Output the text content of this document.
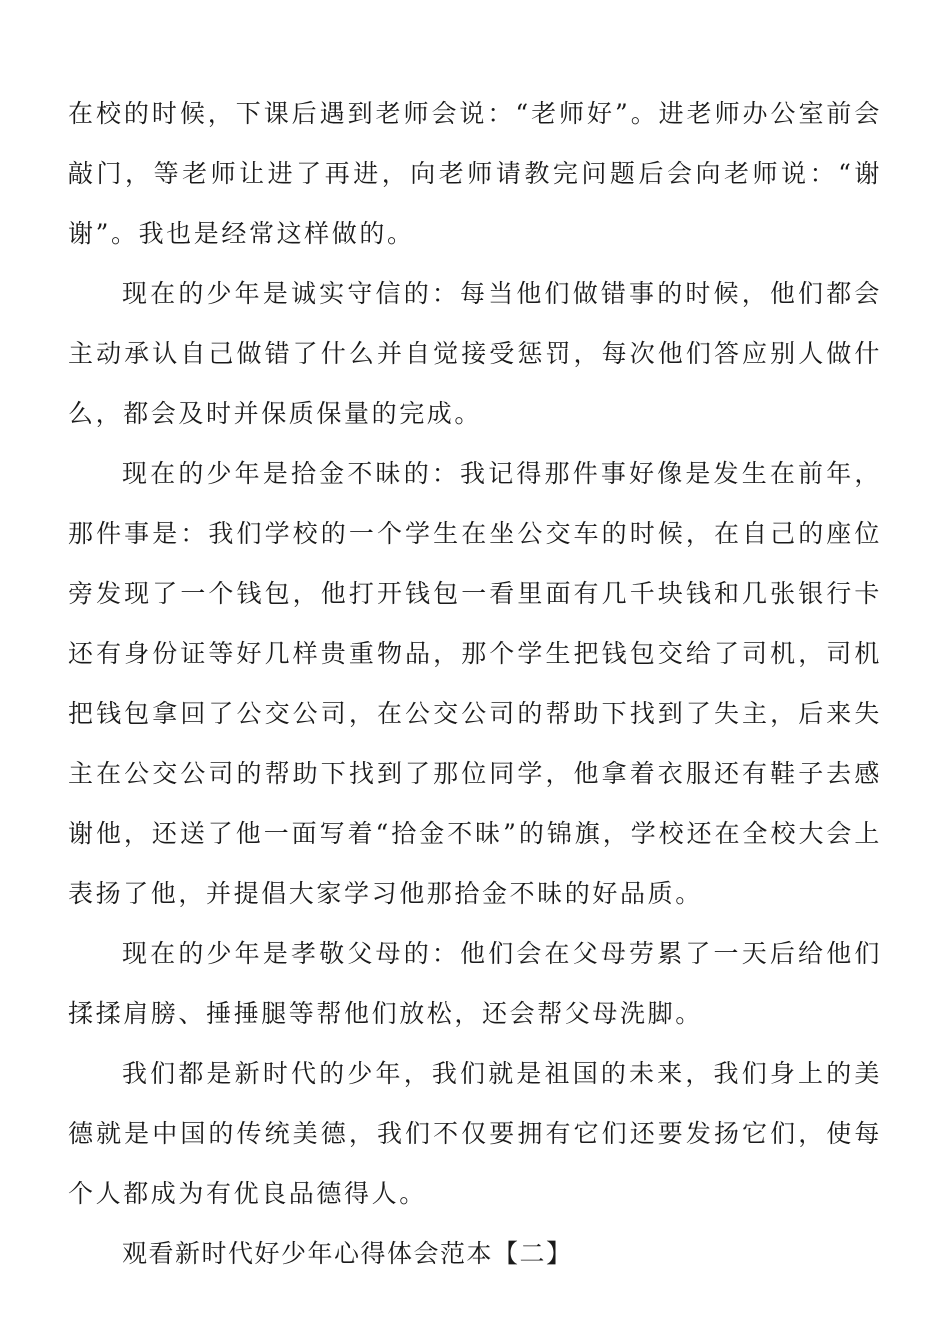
在校的时候，下课后遇到老师会说：“老师好”。进老师办公室前会敲门，等老师让进了再进，向老师请教完问题后会向老师说：“谢谢”。我也是经常这样做的。

现在的少年是诚实守信的：每当他们做错事的时候，他们都会主动承认自己做错了什么并自觉接受惩罚，每次他们答应别人做什么，都会及时并保质保量的完成。

现在的少年是拾金不昧的：我记得那件事好像是发生在前年，那件事是：我们学校的一个学生在坐公交车的时候，在自己的座位旁发现了一个钱包，他打开钱包一看里面有几千块钱和几张银行卡还有身份证等好几样贵重物品，那个学生把钱包交给了司机，司机把钱包拿回了公交公司，在公交公司的帮助下找到了失主，后来失主在公交公司的帮助下找到了那位同学，他拿着衣服还有鞋子去感谢他，还送了他一面写着“拾金不昧”的锦旗，学校还在全校大会上表扬了他，并提倡大家学习他那拾金不昧的好品质。

现在的少年是孝敬父母的：他们会在父母劳累了一天后给他们揉揉肩膀、捶捶腿等帮他们放松，还会帮父母洗脚。

我们都是新时代的少年，我们就是祖国的未来，我们身上的美德就是中国的传统美德，我们不仅要拥有它们还要发扬它们，使每个人都成为有优良品德得人。

观看新时代好少年心得体会范本【二】
